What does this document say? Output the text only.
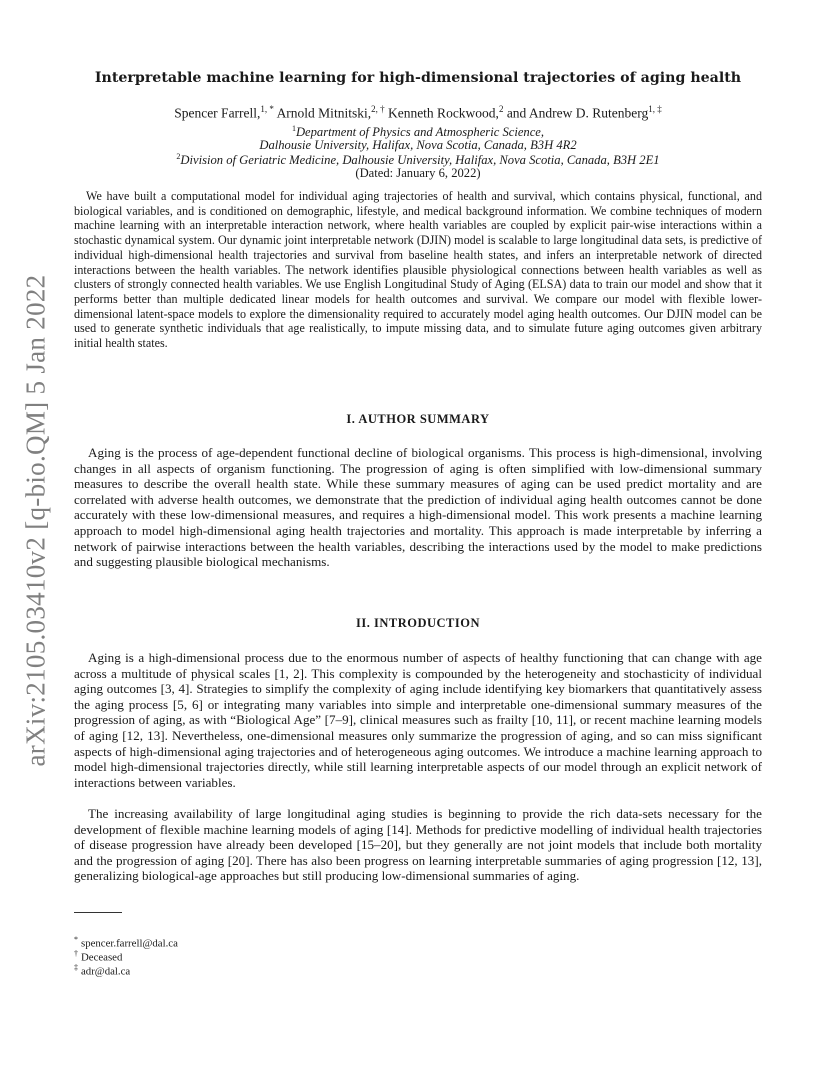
arXiv:2105.03410v2 [q-bio.QM] 5 Jan 2022
Interpretable machine learning for high-dimensional trajectories of aging health
Spencer Farrell,$^{1, *}$ Arnold Mitnitski,$^{2, \dagger}$ Kenneth Rockwood,$^2$ and Andrew D. Rutenberg$^{1, \ddagger}$
$^1$Department of Physics and Atmospheric Science,
Dalhousie University, Halifax, Nova Scotia, Canada, B3H 4R2
$^2$Division of Geriatric Medicine, Dalhousie University, Halifax, Nova Scotia, Canada, B3H 2E1
(Dated: January 6, 2022)

We have built a computational model for individual aging trajectories of health and survival, which contains physical, functional, and biological variables, and is conditioned on demographic, lifestyle, and medical background information. We combine techniques of modern machine learning with an interpretable interaction network, where health variables are coupled by explicit pair-wise interactions within a stochastic dynamical system. Our dynamic joint interpretable network (DJIN) model is scalable to large longitudinal data sets, is predictive of individual high-dimensional health trajectories and survival from baseline health states, and infers an interpretable network of directed interactions between the health variables. The network identifies plausible physiological connections between health variables as well as clusters of strongly connected health variables. We use English Longitudinal Study of Aging (ELSA) data to train our model and show that it performs better than multiple dedicated linear models for health outcomes and survival. We compare our model with flexible lower-dimensional latent-space models to explore the dimensionality required to accurately model aging health outcomes. Our DJIN model can be used to generate synthetic individuals that age realistically, to impute missing data, and to simulate future aging outcomes given arbitrary initial health states.

I. AUTHOR SUMMARY

Aging is the process of age-dependent functional decline of biological organisms. This process is high-dimensional, involving changes in all aspects of organism functioning. The progression of aging is often simplified with low-dimensional summary measures to describe the overall health state. While these summary measures of aging can be used predict mortality and are correlated with adverse health outcomes, we demonstrate that the prediction of individual aging health outcomes cannot be done accurately with these low-dimensional measures, and requires a high-dimensional model. This work presents a machine learning approach to model high-dimensional aging health trajectories and mortality. This approach is made interpretable by inferring a network of pairwise interactions between the health variables, describing the interactions used by the model to make predictions and suggesting plausible biological mechanisms.

II. INTRODUCTION

Aging is a high-dimensional process due to the enormous number of aspects of healthy functioning that can change with age across a multitude of physical scales [1, 2]. This complexity is compounded by the heterogeneity and stochasticity of individual aging outcomes [3, 4]. Strategies to simplify the complexity of aging include identifying key biomarkers that quantitatively assess the aging process [5, 6] or integrating many variables into simple and interpretable one-dimensional summary measures of the progression of aging, as with “Biological Age” [7–9], clinical measures such as frailty [10, 11], or recent machine learning models of aging [12, 13]. Nevertheless, one-dimensional measures only summarize the progression of aging, and so can miss significant aspects of high-dimensional aging trajectories and of heterogeneous aging outcomes. We introduce a machine learning approach to model high-dimensional trajectories directly, while still learning interpretable aspects of our model through an explicit network of interactions between variables.

The increasing availability of large longitudinal aging studies is beginning to provide the rich data-sets necessary for the development of flexible machine learning models of aging [14]. Methods for predictive modelling of individual health trajectories of disease progression have already been developed [15–20], but they generally are not joint models that include both mortality and the progression of aging [20]. There has also been progress on learning interpretable summaries of aging progression [12, 13], generalizing biological-age approaches but still producing low-dimensional summaries of aging.

* spencer.farrell@dal.ca
† Deceased
‡ adr@dal.ca
